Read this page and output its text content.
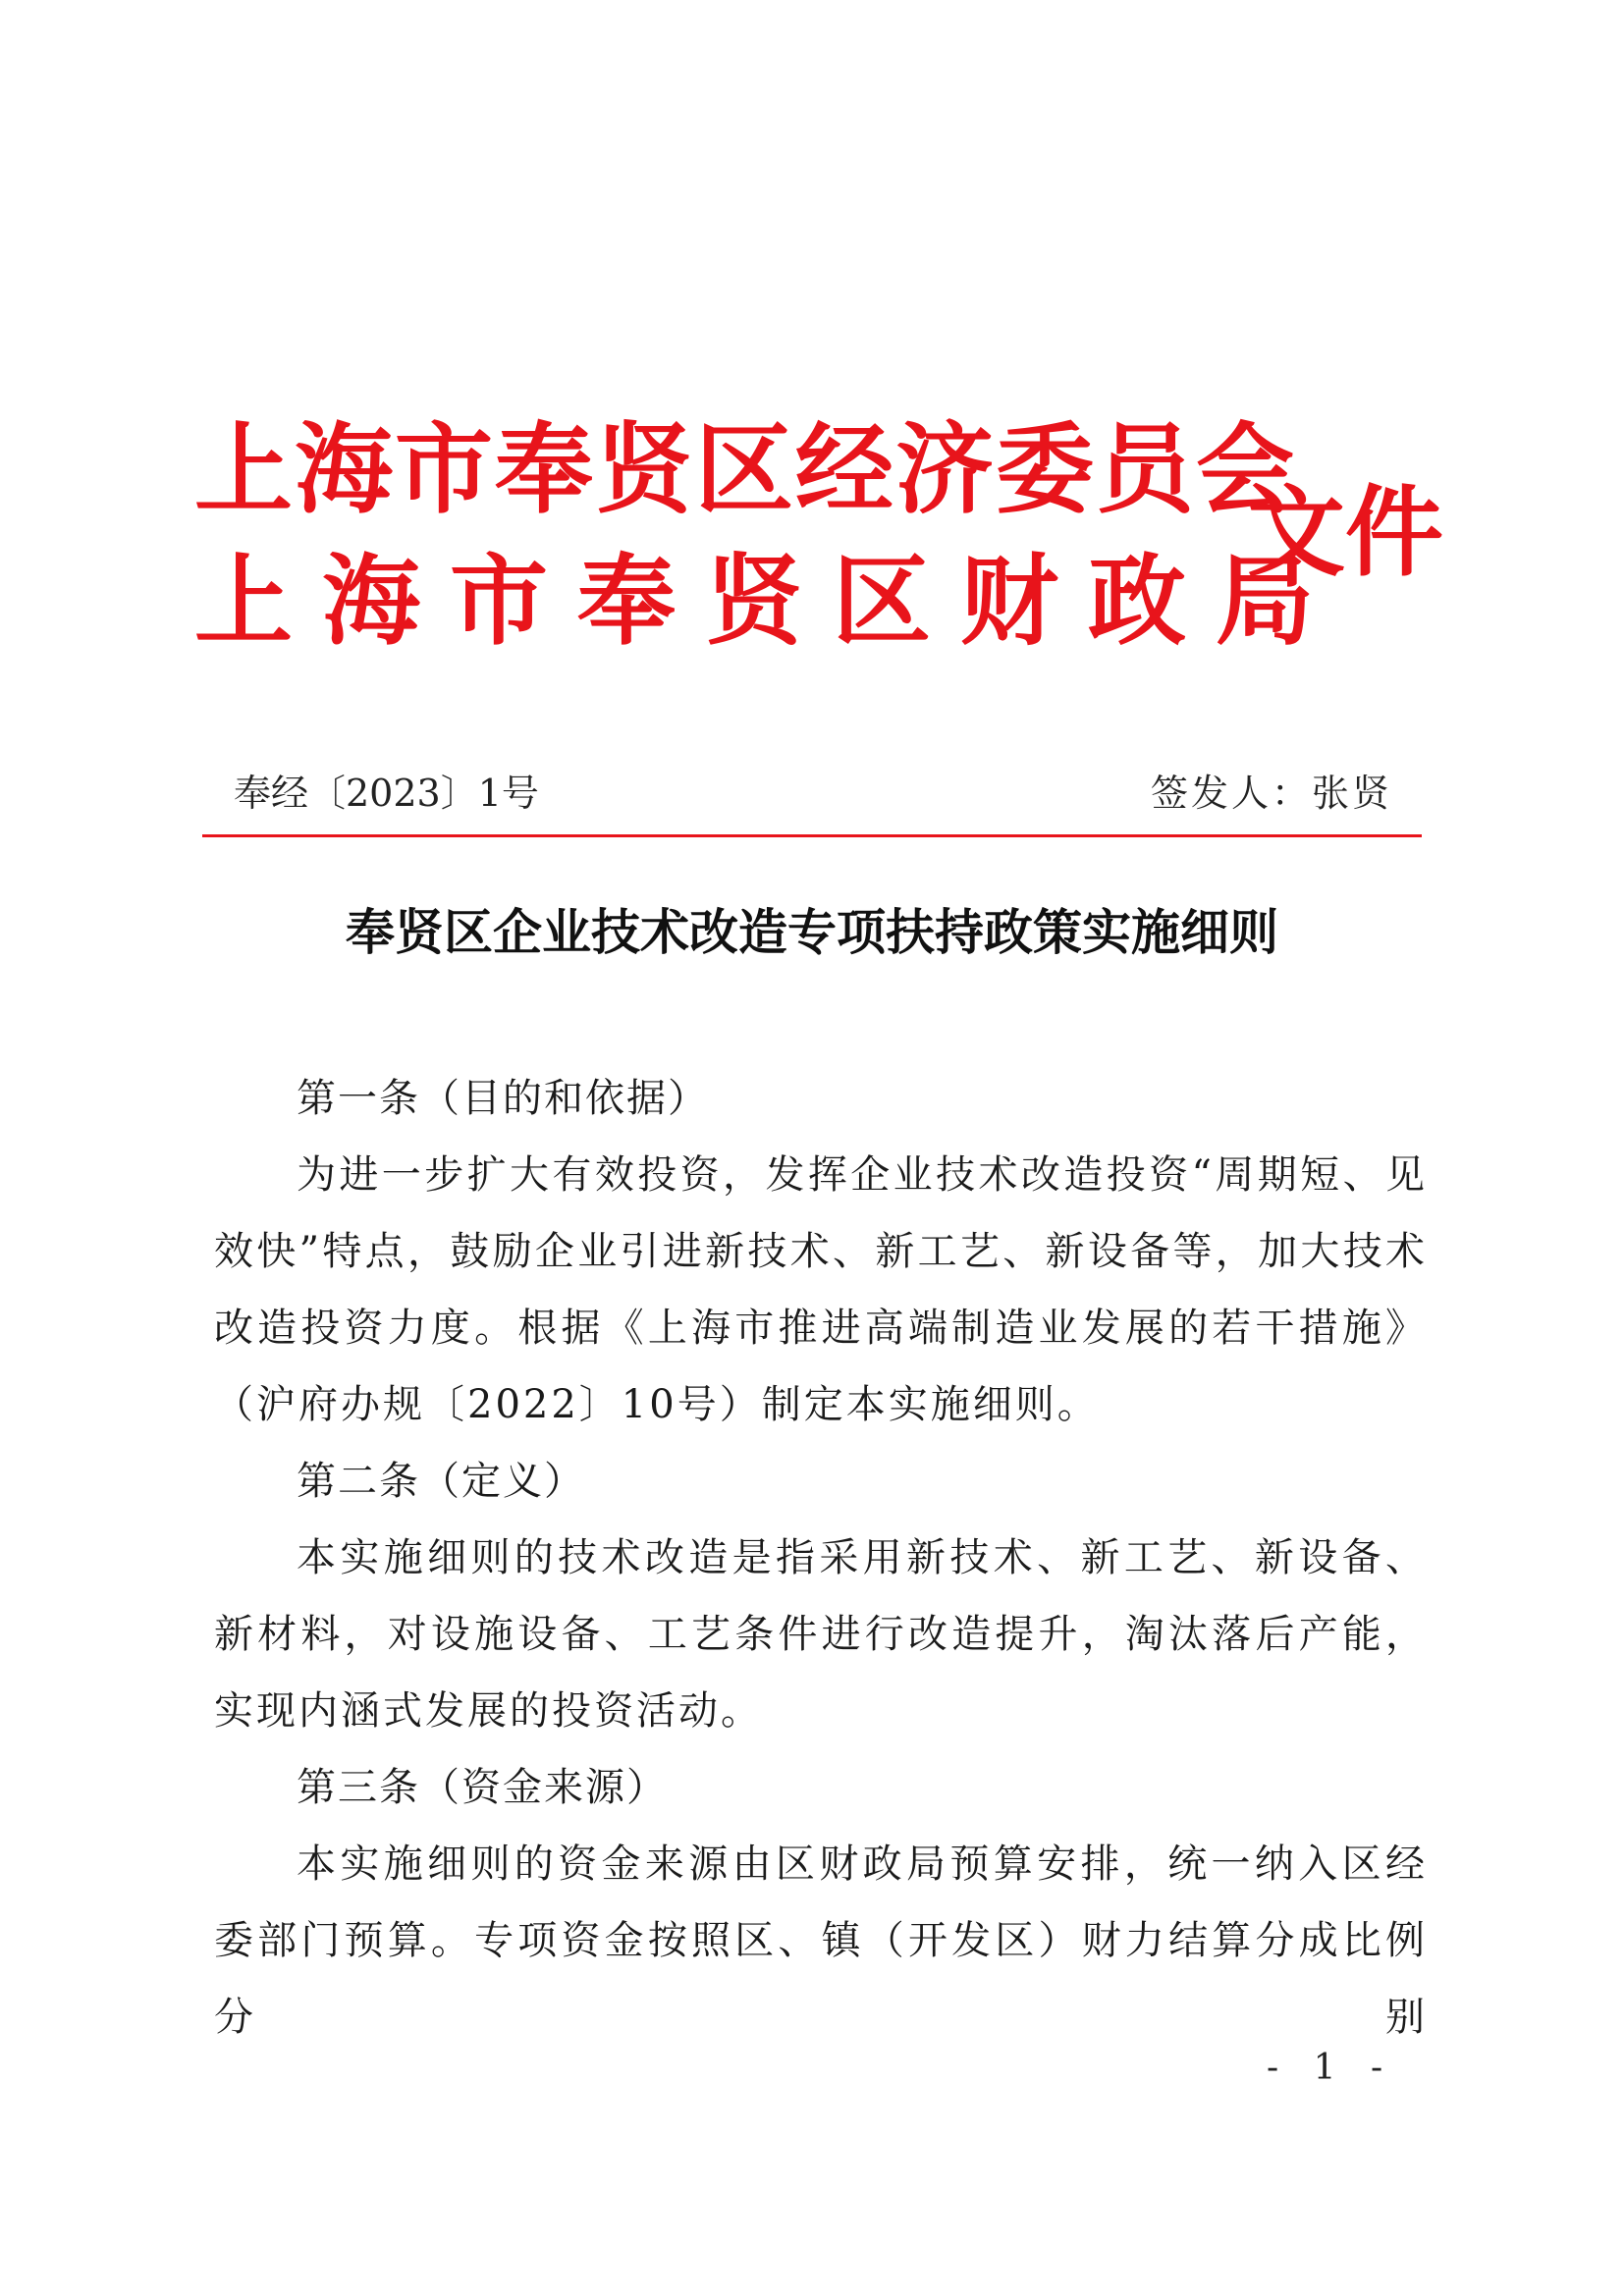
上海市奉贤区经济委员会
上海市奉贤区财政局
文件
奉经〔2023〕1号	签发人：张贤
奉贤区企业技术改造专项扶持政策实施细则

第一条（目的和依据）

为进一步扩大有效投资，发挥企业技术改造投资“周期短、见效快”特点，鼓励企业引进新技术、新工艺、新设备等，加大技术改造投资力度。根据《上海市推进高端制造业发展的若干措施》（沪府办规〔2022〕10号）制定本实施细则。

第二条（定义）

本实施细则的技术改造是指采用新技术、新工艺、新设备、新材料，对设施设备、工艺条件进行改造提升，淘汰落后产能，实现内涵式发展的投资活动。

第三条（资金来源）

本实施细则的资金来源由区财政局预算安排，统一纳入区经委部门预算。专项资金按照区、镇（开发区）财力结算分成比例分别

- 1 -
